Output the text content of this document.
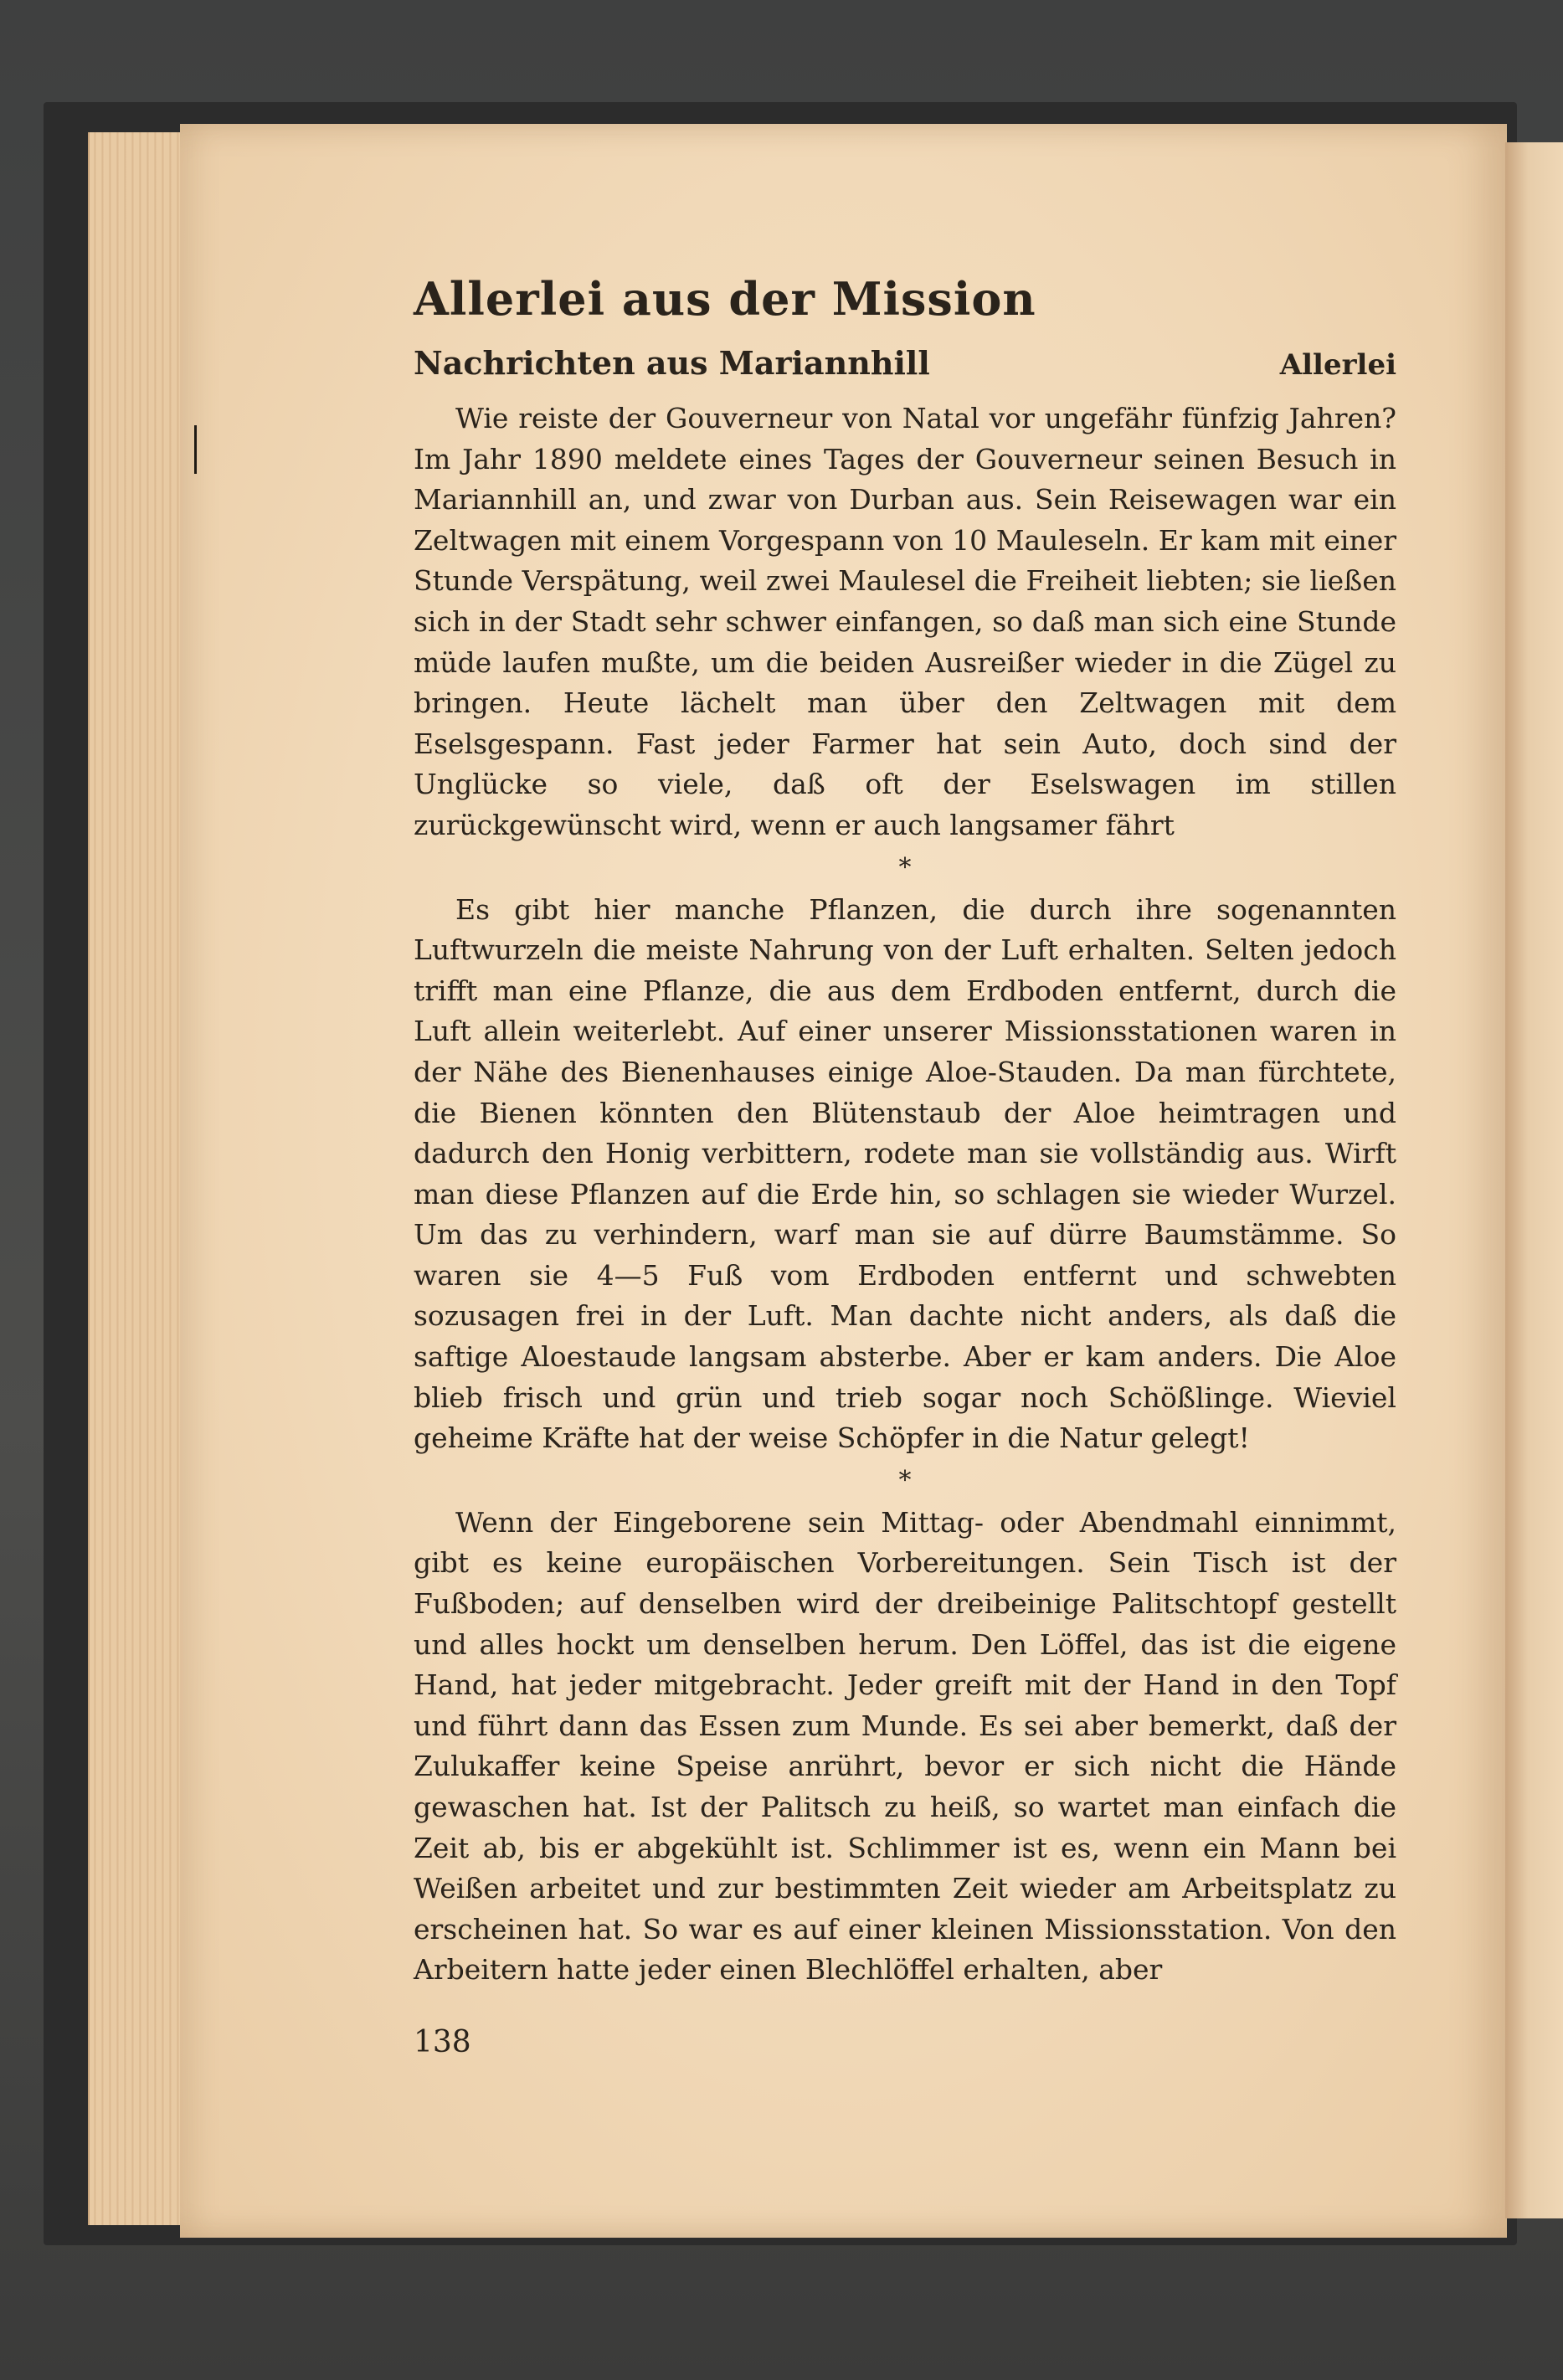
Allerlei aus der Mission
Nachrichten aus Mariannhill	Allerlei

Wie reiste der Gouverneur von Natal vor ungefähr fünfzig Jahren? Im Jahr 1890 meldete eines Tages der Gouverneur seinen Besuch in Mariannhill an, und zwar von Durban aus. Sein Reisewagen war ein Zeltwagen mit einem Vorgespann von 10 Mauleseln. Er kam mit einer Stunde Verspätung, weil zwei Maulesel die Freiheit liebten; sie ließen sich in der Stadt sehr schwer einfangen, so daß man sich eine Stunde müde laufen mußte, um die beiden Ausreißer wieder in die Zügel zu bringen. Heute lächelt man über den Zeltwagen mit dem Eselsgespann. Fast jeder Farmer hat sein Auto, doch sind der Unglücke so viele, daß oft der Eselswagen im stillen zurückgewünscht wird, wenn er auch langsamer fährt

*

Es gibt hier manche Pflanzen, die durch ihre sogenannten Luftwurzeln die meiste Nahrung von der Luft erhalten. Selten jedoch trifft man eine Pflanze, die aus dem Erdboden entfernt, durch die Luft allein weiterlebt. Auf einer unserer Missionsstationen waren in der Nähe des Bienenhauses einige Aloe-Stauden. Da man fürchtete, die Bienen könnten den Blütenstaub der Aloe heimtragen und dadurch den Honig verbittern, rodete man sie vollständig aus. Wirft man diese Pflanzen auf die Erde hin, so schlagen sie wieder Wurzel. Um das zu verhindern, warf man sie auf dürre Baumstämme. So waren sie 4—5 Fuß vom Erdboden entfernt und schwebten sozusagen frei in der Luft. Man dachte nicht anders, als daß die saftige Aloestaude langsam absterbe. Aber er kam anders. Die Aloe blieb frisch und grün und trieb sogar noch Schößlinge. Wieviel geheime Kräfte hat der weise Schöpfer in die Natur gelegt!

*

Wenn der Eingeborene sein Mittag- oder Abendmahl einnimmt, gibt es keine europäischen Vorbereitungen. Sein Tisch ist der Fußboden; auf denselben wird der dreibeinige Palitschtopf gestellt und alles hockt um denselben herum. Den Löffel, das ist die eigene Hand, hat jeder mitgebracht. Jeder greift mit der Hand in den Topf und führt dann das Essen zum Munde. Es sei aber bemerkt, daß der Zulukaffer keine Speise anrührt, bevor er sich nicht die Hände gewaschen hat. Ist der Palitsch zu heiß, so wartet man einfach die Zeit ab, bis er abgekühlt ist. Schlimmer ist es, wenn ein Mann bei Weißen arbeitet und zur bestimmten Zeit wieder am Arbeitsplatz zu erscheinen hat. So war es auf einer kleinen Missionsstation. Von den Arbeitern hatte jeder einen Blechlöffel erhalten, aber

138
